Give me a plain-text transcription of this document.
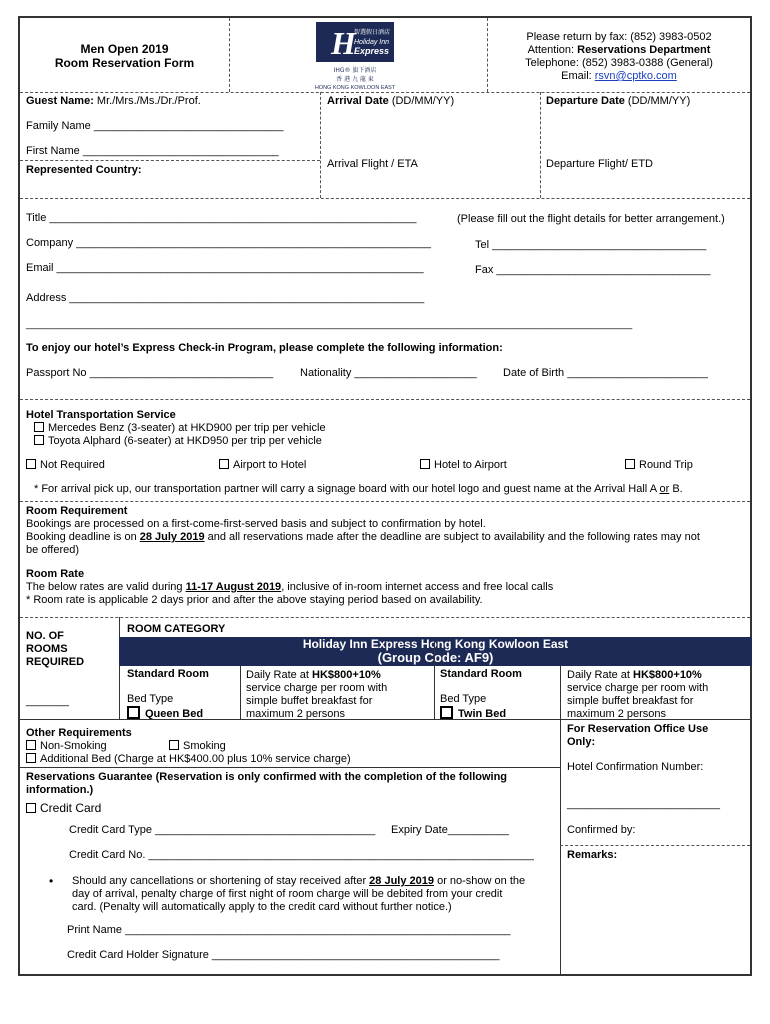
Men Open 2019
Room Reservation Form
H
智選假日酒店
Holiday Inn
Express
IHG® 旗下酒店
香 港 九 龍 東
HONG KONG KOWLOON EAST
Please return by fax: (852) 3983-0502
Attention: Reservations Department
Telephone: (852) 3983-0388 (General)
Email: rsvn@cptko.com
Guest Name: Mr./Mrs./Ms./Dr./Prof.
Family Name _______________________________
First Name ________________________________
Represented Country:
Arrival Date (DD/MM/YY)	Departure Date (DD/MM/YY)
Arrival Flight / ETA	Departure Flight/ ETD
Title ____________________________________________________________	(Please fill out the flight details for better arrangement.)
Company __________________________________________________________	Tel ___________________________________
Email ____________________________________________________________	Fax ___________________________________
Address __________________________________________________________
_____________________________________________________________________________________________________________
To enjoy our hotel’s Express Check-in Program, please complete the following information:
Passport No ______________________________ Nationality ____________________ Date of Birth _______________________
Hotel Transportation Service
Mercedes Benz (3-seater) at HKD900 per trip per vehicle
Toyota Alphard (6-seater) at HKD950 per trip per vehicle
Not Required	Airport to Hotel	Hotel to Airport	Round Trip
* For arrival pick up, our transportation partner will carry a signage board with our hotel logo and guest name at the Arrival Hall A or B.
Room Requirement
Bookings are processed on a first-come-first-served basis and subject to confirmation by hotel.
Booking deadline is on 28 July 2019 and all reservations made after the deadline are subject to availability and the following rates may not
be offered)
Room Rate
The below rates are valid during 11-17 August 2019, inclusive of in-room internet access and free local calls
* Room rate is applicable 2 days prior and after the above staying period based on availability.
NO. OF
ROOMS
REQUIRED
_______
ROOM CATEGORY
Holiday Inn Express Hong Kong Kowloon East
(Group Code: AF9)
Standard Room
Bed Type
Queen Bed
Daily Rate at HK$800+10%
service charge per room with
simple buffet breakfast for
maximum 2 persons
Standard Room
Bed Type
Twin Bed
Daily Rate at HK$800+10%
service charge per room with
simple buffet breakfast for
maximum 2 persons
For Reservation Office Use
Only:
Hotel Confirmation Number:
_________________________
Confirmed by:
Remarks:
Other Requirements
Non-Smoking	Smoking
Additional Bed (Charge at HK$400.00 plus 10% service charge)
Reservations Guarantee (Reservation is only confirmed with the completion of the following
information.)
Credit Card
Credit Card Type ____________________________________ Expiry Date__________
Credit Card No. _______________________________________________________________
• Should any cancellations or shortening of stay received after 28 July 2019 or no-show on the
day of arrival, penalty charge of first night of room charge will be debited from your credit
card. (Penalty will automatically apply to the credit card without further notice.)
Print Name _______________________________________________________________
Credit Card Holder Signature _______________________________________________
